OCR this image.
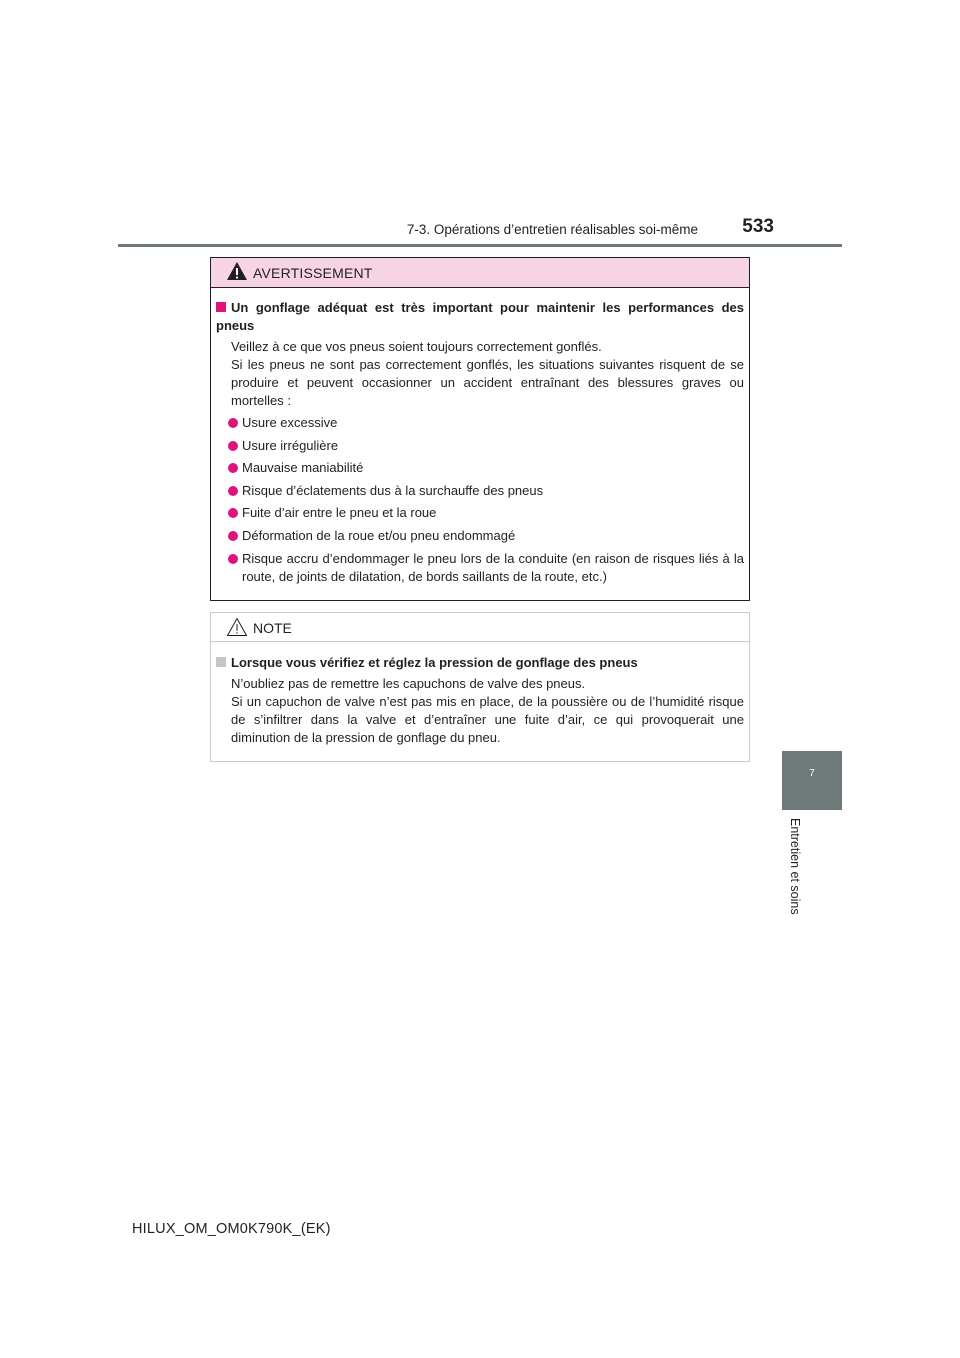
7-3. Opérations d’entretien réalisables soi-même	533
7
Entretien et soins
AVERTISSEMENT
Un gonflage adéquat est très important pour maintenir les performances des pneus
Veillez à ce que vos pneus soient toujours correctement gonflés.
Si les pneus ne sont pas correctement gonflés, les situations suivantes risquent de se produire et peuvent occasionner un accident entraînant des blessures graves ou mortelles :
Usure excessive
Usure irrégulière
Mauvaise maniabilité
Risque d’éclatements dus à la surchauffe des pneus
Fuite d’air entre le pneu et la roue
Déformation de la roue et/ou pneu endommagé
Risque accru d’endommager le pneu lors de la conduite (en raison de risques liés à la route, de joints de dilatation, de bords saillants de la route, etc.)
NOTE
Lorsque vous vérifiez et réglez la pression de gonflage des pneus
N’oubliez pas de remettre les capuchons de valve des pneus.
Si un capuchon de valve n’est pas mis en place, de la poussière ou de l’humidité risque de s’infiltrer dans la valve et d’entraîner une fuite d’air, ce qui provoquerait une diminution de la pression de gonflage du pneu.
HILUX_OM_OM0K790K_(EK)
